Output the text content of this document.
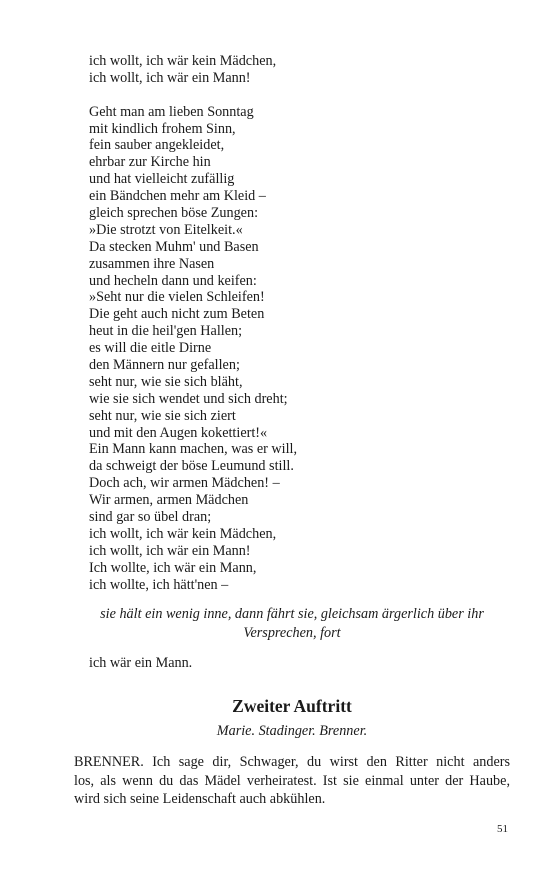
ich wollt, ich wär kein Mädchen,
ich wollt, ich wär ein Mann!
Geht man am lieben Sonntag
mit kindlich frohem Sinn,
fein sauber angekleidet,
ehrbar zur Kirche hin
und hat vielleicht zufällig
ein Bändchen mehr am Kleid –
gleich sprechen böse Zungen:
»Die strotzt von Eitelkeit.«
Da stecken Muhm' und Basen
zusammen ihre Nasen
und hecheln dann und keifen:
»Seht nur die vielen Schleifen!
Die geht auch nicht zum Beten
heut in die heil'gen Hallen;
es will die eitle Dirne
den Männern nur gefallen;
seht nur, wie sie sich bläht,
wie sie sich wendet und sich dreht;
seht nur, wie sie sich ziert
und mit den Augen kokettiert!«
Ein Mann kann machen, was er will,
da schweigt der böse Leumund still.
Doch ach, wir armen Mädchen! –
Wir armen, armen Mädchen
sind gar so übel dran;
ich wollt, ich wär kein Mädchen,
ich wollt, ich wär ein Mann!
Ich wollte, ich wär ein Mann,
ich wollte, ich hätt'nen –
sie hält ein wenig inne, dann fährt sie, gleichsam ärgerlich über ihr
Versprechen, fort
ich wär ein Mann.
Zweiter Auftritt
Marie. Stadinger. Brenner.
BRENNER. Ich sage dir, Schwager, du wirst den Ritter nicht anders
los, als wenn du das Mädel verheiratest. Ist sie einmal unter der Haube,
wird sich seine Leidenschaft auch abkühlen.
51
